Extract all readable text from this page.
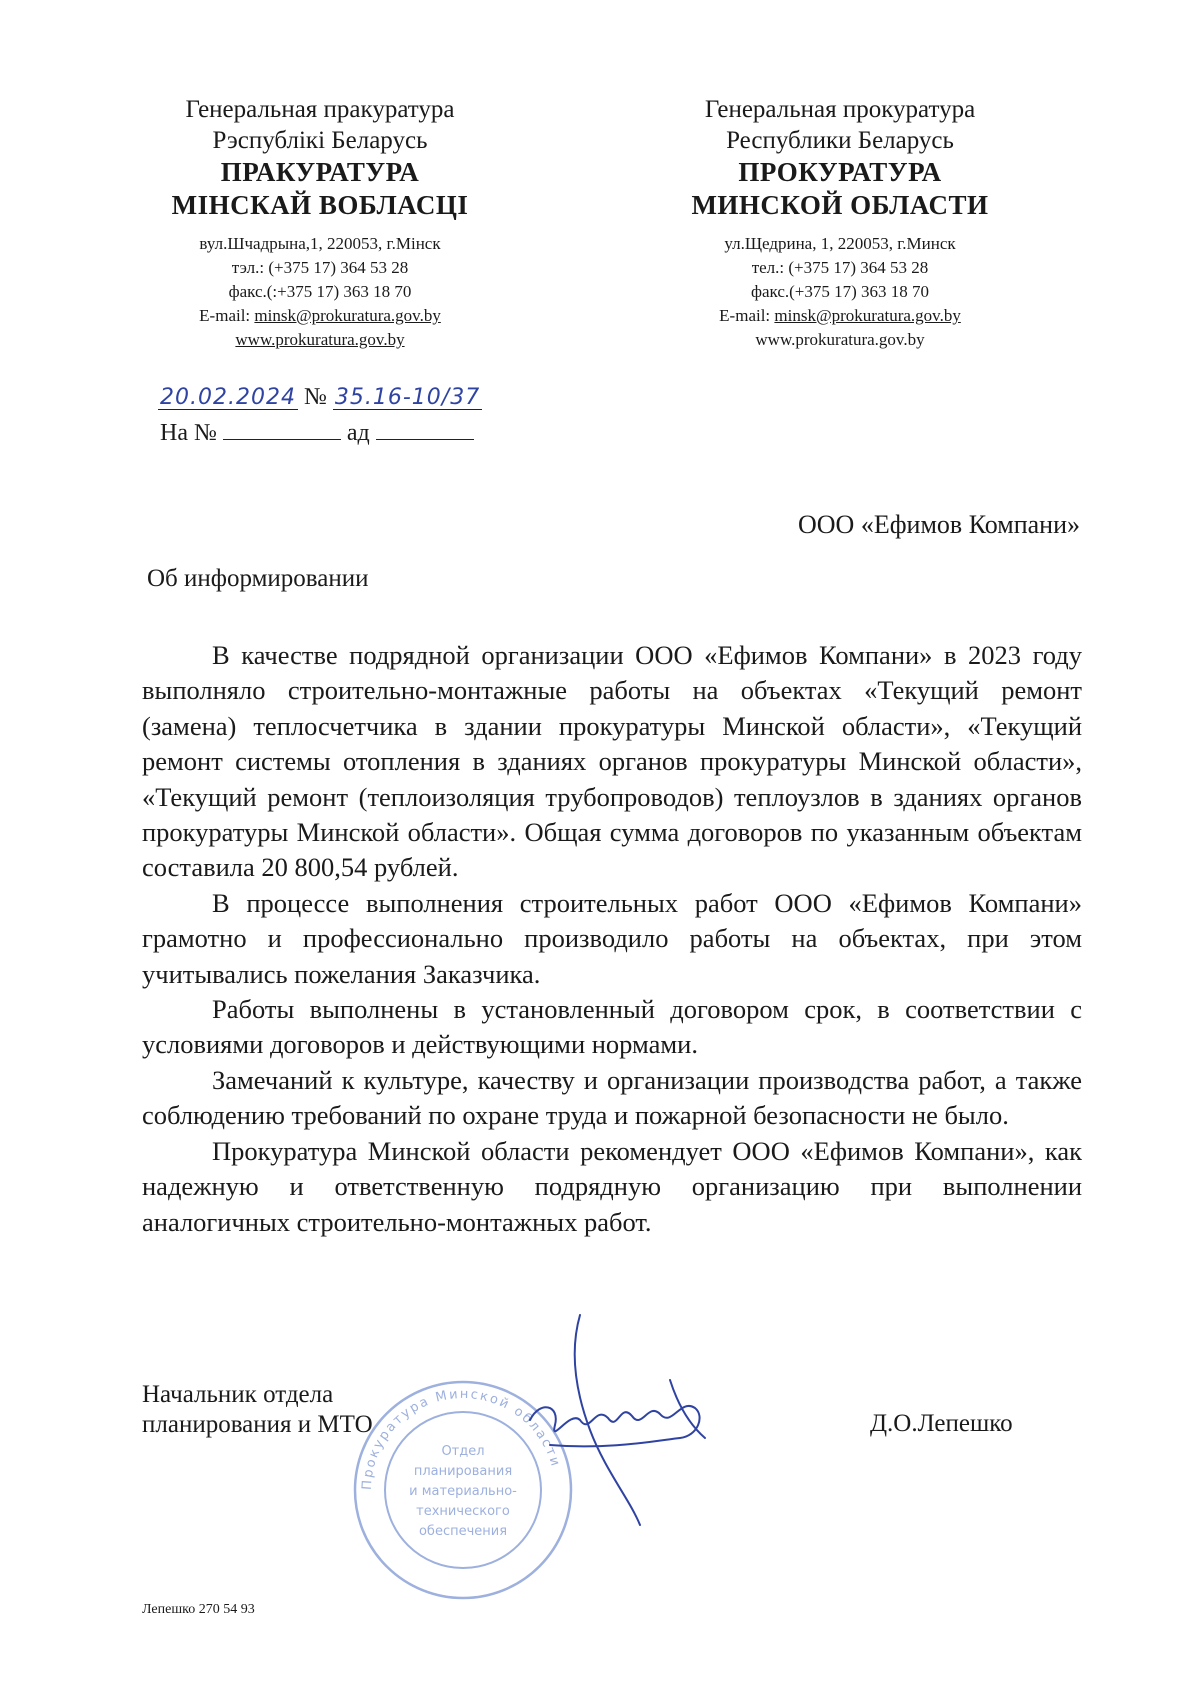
Генеральная пракуратура
Рэспублікі Беларусь
ПРАКУРАТУРА
МІНСКАЙ ВОБЛАСЦІ
вул.Шчадрына,1, 220053, г.Мінск
тэл.: (+375 17) 364 53 28
факс.(:+375 17) 363 18 70
E-mail: minsk@prokuratura.gov.by
www.prokuratura.gov.by
Генеральная прокуратура
Республики Беларусь
ПРОКУРАТУРА
МИНСКОЙ ОБЛАСТИ
ул.Щедрина, 1, 220053, г.Минск
тел.: (+375 17) 364 53 28
факс.(+375 17) 363 18 70
E-mail: minsk@prokuratura.gov.by
www.prokuratura.gov.by
20.02.2024 № 35.16-10/37
На №	ад
ООО «Ефимов Компани»
Об информировании

В качестве подрядной организации ООО «Ефимов Компани» в 2023 году выполняло строительно-монтажные работы на объектах «Текущий ремонт (замена) теплосчетчика в здании прокуратуры Минской области», «Текущий ремонт системы отопления в зданиях органов прокуратуры Минской области», «Текущий ремонт (теплоизоляция трубопроводов) теплоузлов в зданиях органов прокуратуры Минской области». Общая сумма договоров по указанным объектам составила 20 800,54 рублей.

В процессе выполнения строительных работ ООО «Ефимов Компани» грамотно и профессионально производило работы на объектах, при этом учитывались пожелания Заказчика.

Работы выполнены в установленный договором срок, в соответствии с условиями договоров и действующими нормами.

Замечаний к культуре, качеству и организации производства работ, а также соблюдению требований по охране труда и пожарной безопасности не было.

Прокуратура Минской области рекомендует ООО «Ефимов Компани», как надежную и ответственную подрядную организацию при выполнении аналогичных строительно-монтажных работ.

Прокуратура Минской области
Отдел
планирования
и материально-
технического
обеспечения
Начальник отдела
планирования и МТО	Д.О.Лепешко
Лепешко 270 54 93
